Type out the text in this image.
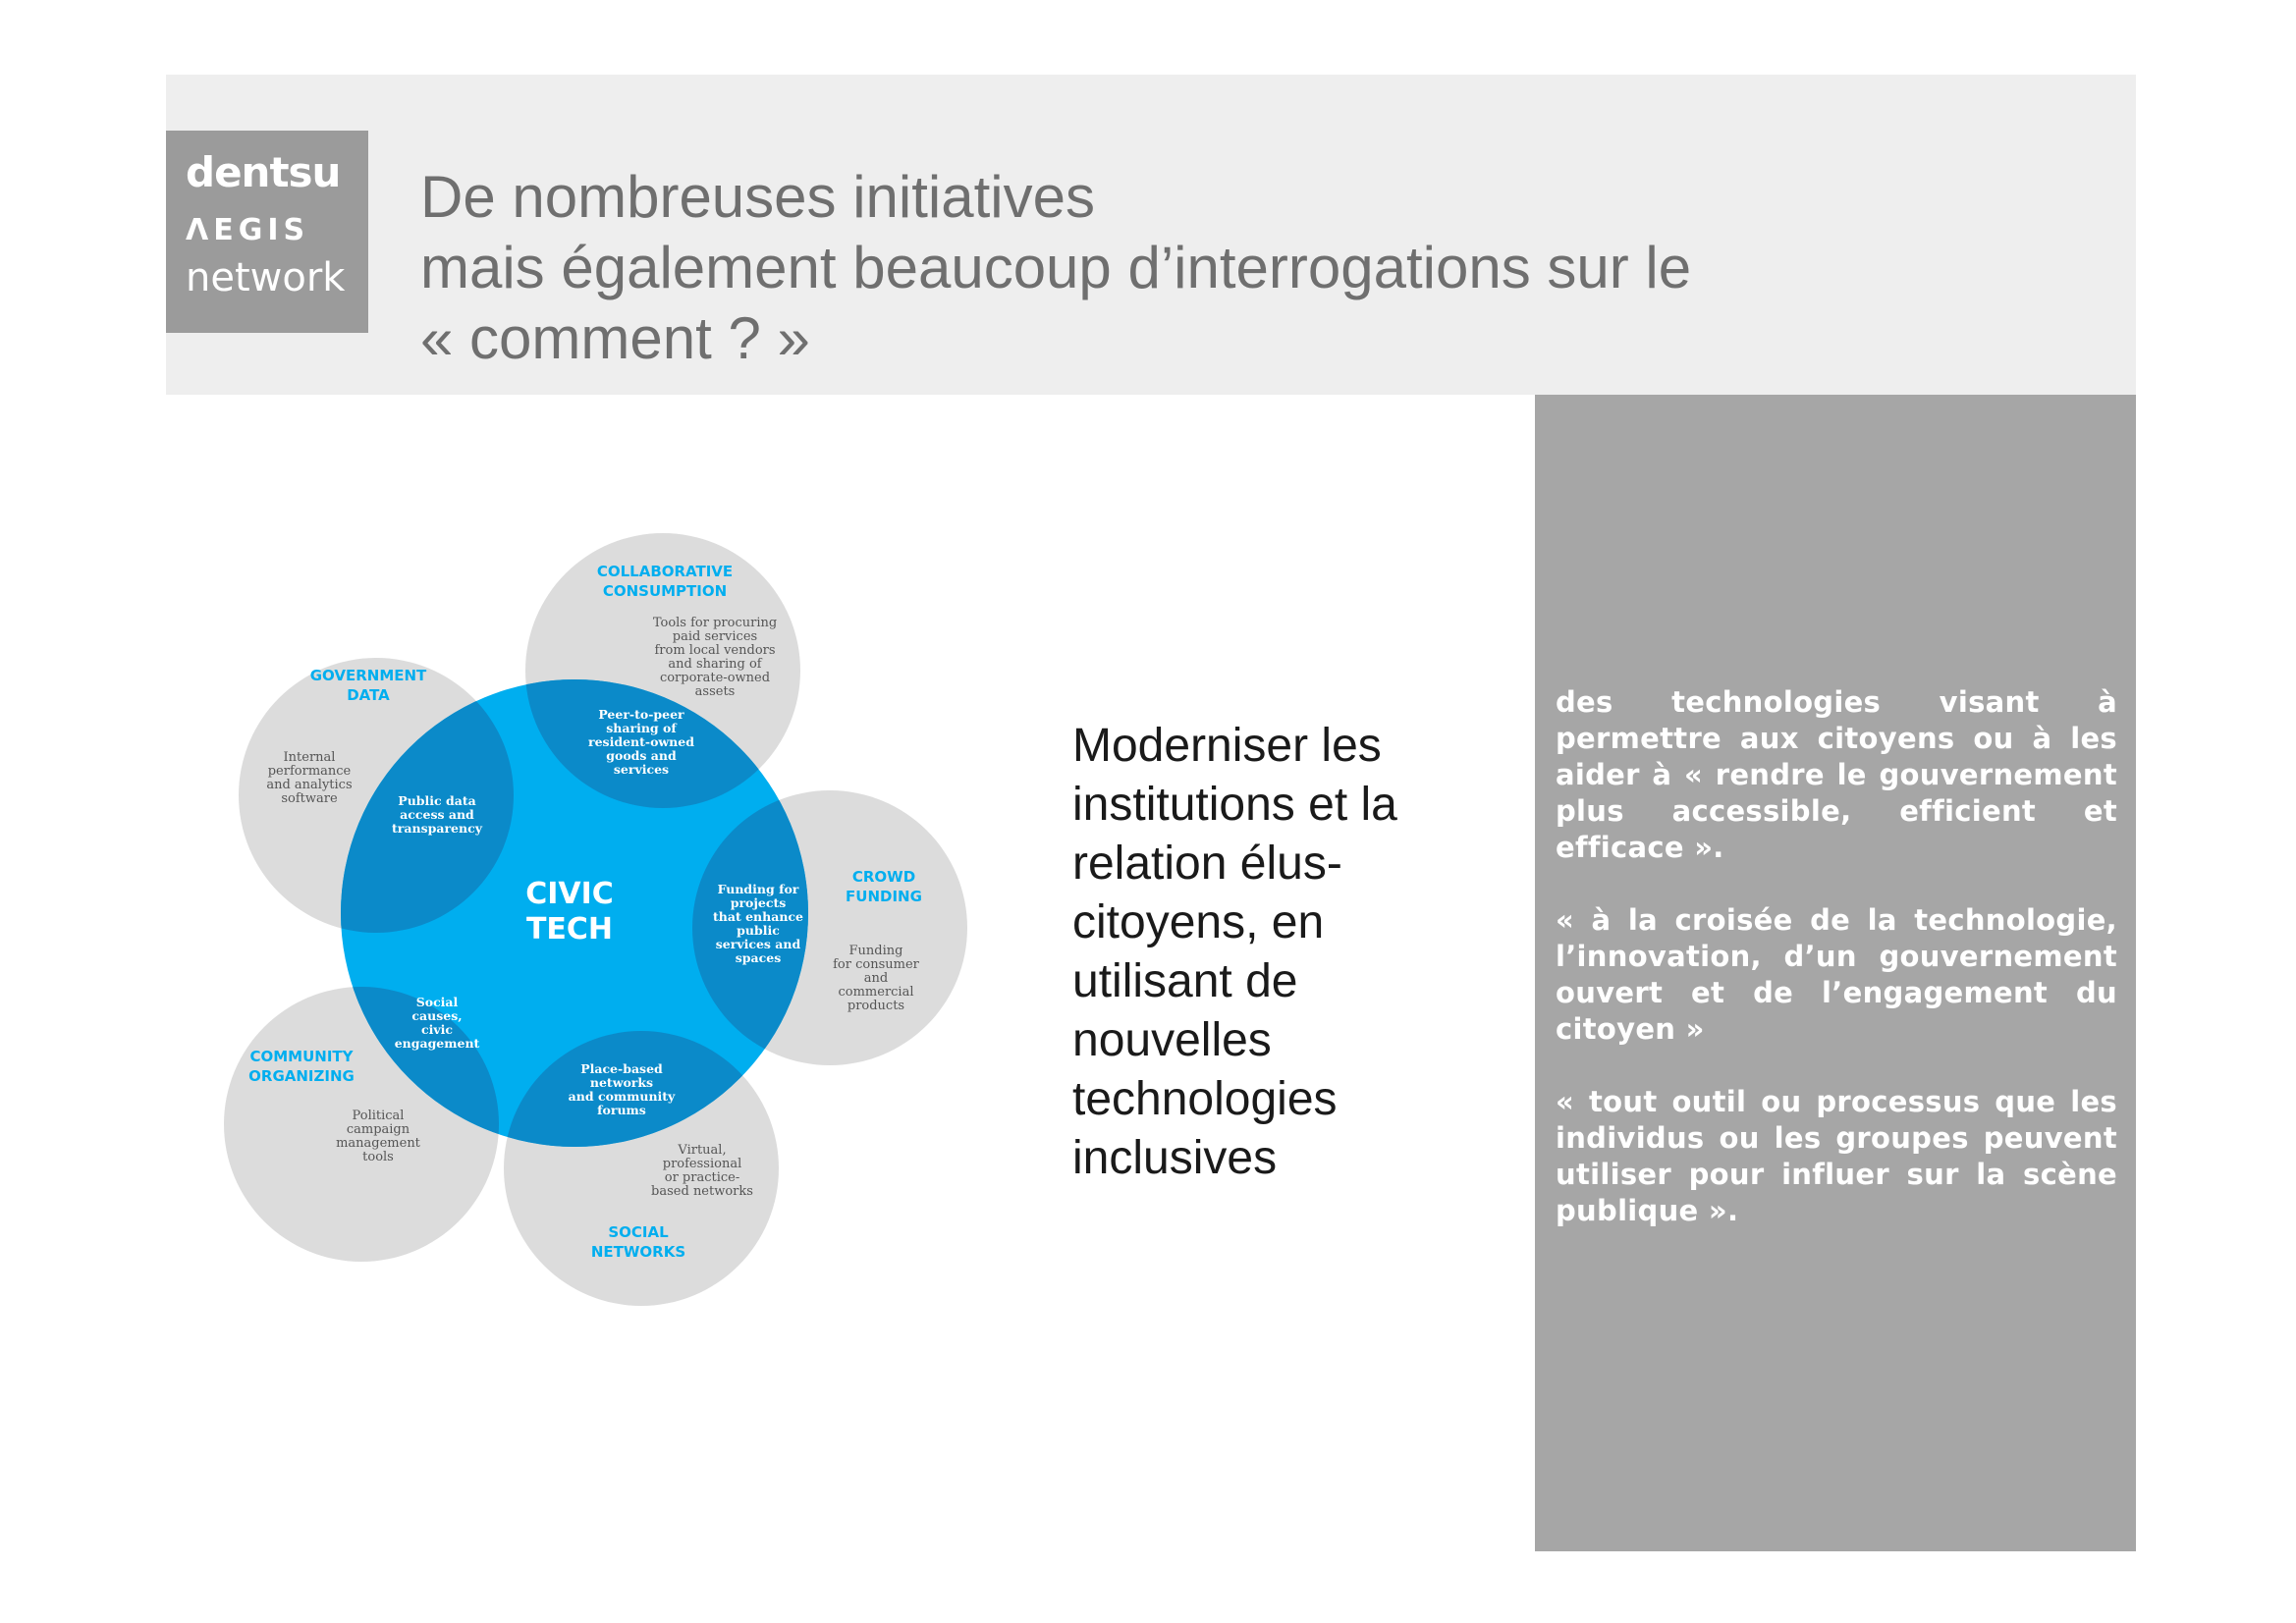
dentsu
ΛEGIS
network
De nombreuses initiatives
mais également beaucoup d’interrogations sur le
« comment ? »
CIVIC TECH
COLLABORATIVE CONSUMPTION
Tools for procuring paid services from local vendors and sharing of corporate-owned assets
Peer-to-peer sharing of resident-owned goods and services
CROWD FUNDING
Funding for consumer and commercial products
Funding for projects that enhance public services and spaces
SOCIAL NETWORKS
Virtual, professional or practice-based networks
Place-based networks and community forums
COMMUNITY ORGANIZING
Political campaign management tools
Social causes, civic engagement
GOVERNMENT DATA
Internal performance and analytics software	Public data access and transparency
Moderniser les
institutions et la
relation élus-
citoyens, en
utilisant de
nouvelles
technologies
inclusives

des technologies visant à permettre aux citoyens ou à les aider à « rendre le gouvernement plus accessible, efficient et efficace ».

« à la croisée de la technologie, l’innovation, d’un gouvernement ouvert et de l’engagement du citoyen »

« tout outil ou processus que les individus ou les groupes peuvent utiliser pour influer sur la scène publique ».
